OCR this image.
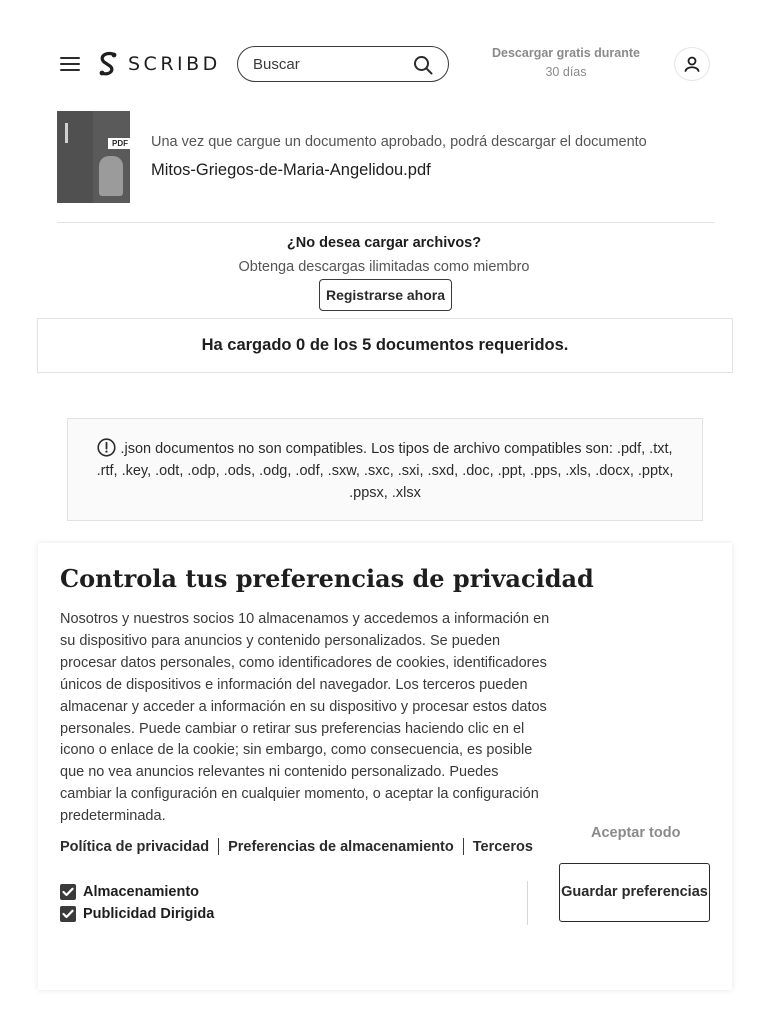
SCRIBD
Buscar	Descargar gratis durante
30 días
PDF Una vez que cargue un documento aprobado, podrá descargar el documento
Mitos-Griegos-de-Maria-Angelidou.pdf
¿No desea cargar archivos?
Obtenga descargas ilimitadas como miembro
Registrarse ahora
Ha cargado 0 de los 5 documentos requeridos.
.json documentos no son compatibles. Los tipos de archivo compatibles son: .pdf, .txt, .rtf, .key, .odt, .odp, .ods, .odg, .odf, .sxw, .sxc, .sxi, .sxd, .doc, .ppt, .pps, .xls, .docx, .pptx, .ppsx, .xlsx
Controla tus preferencias de privacidad
Nosotros y nuestros socios 10 almacenamos y accedemos a información en su dispositivo para anuncios y contenido personalizados. Se pueden procesar datos personales, como identificadores de cookies, identificadores únicos de dispositivos e información del navegador. Los terceros pueden almacenar y acceder a información en su dispositivo y procesar estos datos personales. Puede cambiar o retirar sus preferencias haciendo clic en el icono o enlace de la cookie; sin embargo, como consecuencia, es posible que no vea anuncios relevantes ni contenido personalizado. Puedes cambiar la configuración en cualquier momento, o aceptar la configuración predeterminada.
Aceptar todo
Política de privacidad Preferencias de almacenamiento Terceros
Almacenamiento
Publicidad Dirigida
Guardar preferencias
